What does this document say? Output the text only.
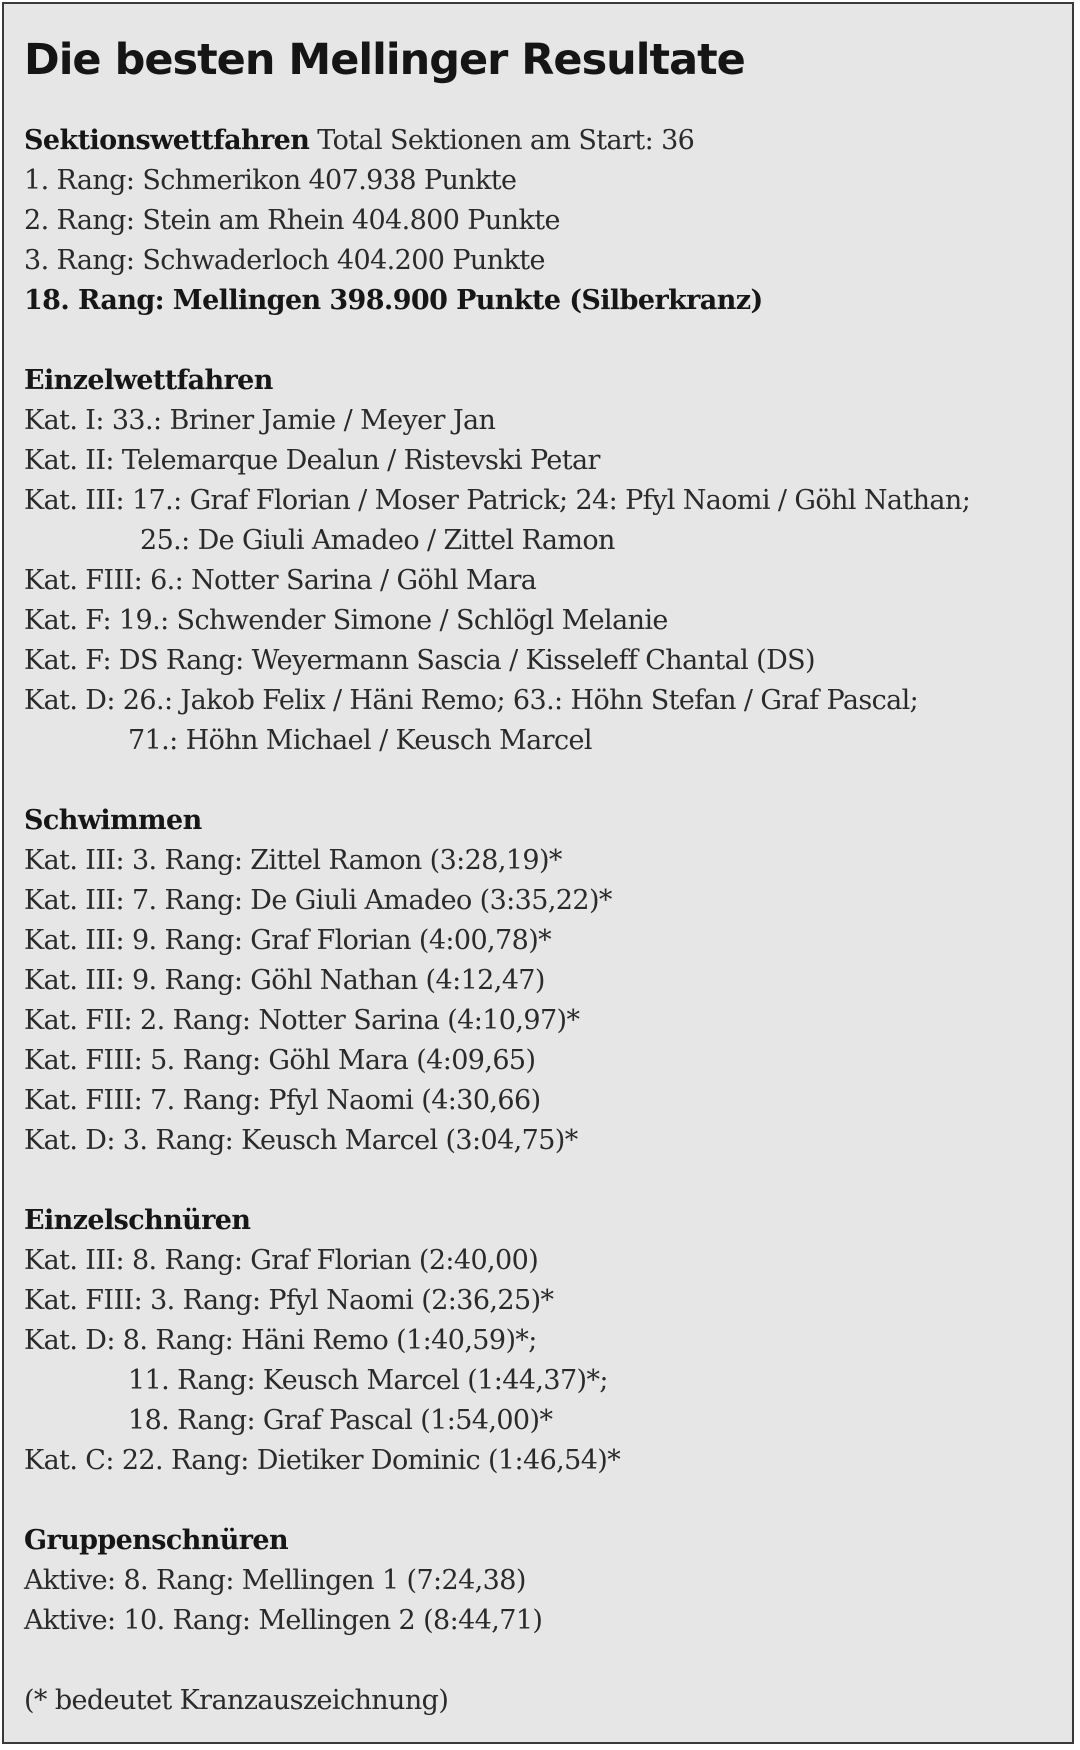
Die besten Mellinger Resultate
Sektionswettfahren Total Sektionen am Start: 36
1. Rang: Schmerikon 407.938 Punkte
2. Rang: Stein am Rhein 404.800 Punkte
3. Rang: Schwaderloch 404.200 Punkte
18. Rang: Mellingen 398.900 Punkte (Silberkranz)
Einzelwettfahren
Kat. I: 33.: Briner Jamie / Meyer Jan
Kat. II: Telemarque Dealun / Ristevski Petar
Kat. III: 17.: Graf Florian / Moser Patrick; 24: Pfyl Naomi / Göhl Nathan;
25.: De Giuli Amadeo / Zittel Ramon
Kat. FIII: 6.: Notter Sarina / Göhl Mara
Kat. F: 19.: Schwender Simone / Schlögl Melanie
Kat. F: DS Rang: Weyermann Sascia / Kisseleff Chantal (DS)
Kat. D: 26.: Jakob Felix / Häni Remo; 63.: Höhn Stefan / Graf Pascal;
71.: Höhn Michael / Keusch Marcel
Schwimmen
Kat. III: 3. Rang: Zittel Ramon (3:28,19)*
Kat. III: 7. Rang: De Giuli Amadeo (3:35,22)*
Kat. III: 9. Rang: Graf Florian (4:00,78)*
Kat. III: 9. Rang: Göhl Nathan (4:12,47)
Kat. FII: 2. Rang: Notter Sarina (4:10,97)*
Kat. FIII: 5. Rang: Göhl Mara (4:09,65)
Kat. FIII: 7. Rang: Pfyl Naomi (4:30,66)
Kat. D: 3. Rang: Keusch Marcel (3:04,75)*
Einzelschnüren
Kat. III: 8. Rang: Graf Florian (2:40,00)
Kat. FIII: 3. Rang: Pfyl Naomi (2:36,25)*
Kat. D: 8. Rang: Häni Remo (1:40,59)*;
11. Rang: Keusch Marcel (1:44,37)*;
18. Rang: Graf Pascal (1:54,00)*
Kat. C: 22. Rang: Dietiker Dominic (1:46,54)*
Gruppenschnüren
Aktive: 8. Rang: Mellingen 1 (7:24,38)
Aktive: 10. Rang: Mellingen 2 (8:44,71)
(* bedeutet Kranzauszeichnung)
